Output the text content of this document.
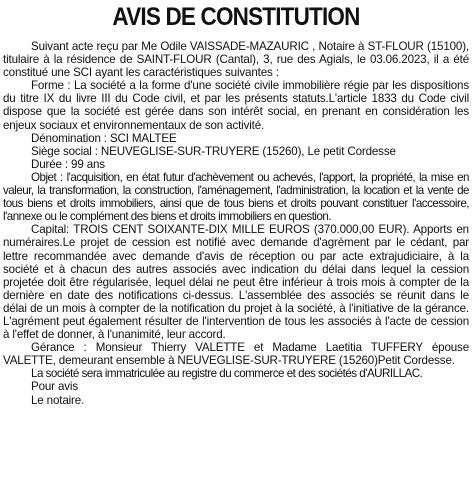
AVIS DE CONSTITUTION

Suivant acte reçu par Me Odile VAISSADE-MAZAURIC , Notaire à ST-FLOUR (15100), titulaire à la résidence de SAINT-FLOUR (Cantal), 3, rue des Agials, le 03.06.2023, il a été constitué une SCI ayant les caractéristiques suivantes :

Forme : La société a la forme d'une société civile immobilière régie par les dispositions du titre IX du livre III du Code civil, et par les présents statuts.L'article 1833 du Code civil dispose que la société est gérée dans son intérêt social, en prenant en considération les enjeux sociaux et environnementaux de son activité.

Dénomination : SCI MALTEE

Siège social : NEUVEGLISE-SUR-TRUYERE (15260), Le petit Cordesse

Durée : 99 ans

Objet : l'acquisition, en état futur d'achèvement ou achevés, l'apport, la propriété, la mise en valeur, la transformation, la construction, l'aménagement, l'administration, la location et la vente de tous biens et droits immobiliers, ainsi que de tous biens et droits pouvant constituer l'accessoire, l'annexe ou le complément des biens et droits immobiliers en question.

Capital: TROIS CENT SOIXANTE-DIX MILLE EUROS (370.000,00 EUR). Apports en numéraires.Le projet de cession est notifié avec demande d'agrément par le cédant, par lettre recommandée avec demande d'avis de réception ou par acte extrajudiciaire, à la société et à chacun des autres associés avec indication du délai dans lequel la cession projetée doit être régularisée, lequel délai ne peut être inférieur à trois mois à compter de la dernière en date des notifications ci-dessus. L'assemblée des associés se réunit dans le délai de un mois à compter de la notification du projet à la société, à l'initiative de la gérance. L'agrément peut également résulter de l'intervention de tous les associés à l'acte de cession à l'effet de donner, à l'unanimité, leur accord.

Gérance : Monsieur Thierry VALETTE et Madame Laetitia TUFFERY épouse VALETTE, demeurant ensemble à NEUVEGLISE-SUR-TRUYERE (15260)Petit Cordesse.

La société sera immatriculée au registre du commerce et des sociétés d'AURILLAC.

Pour avis

Le notaire.
